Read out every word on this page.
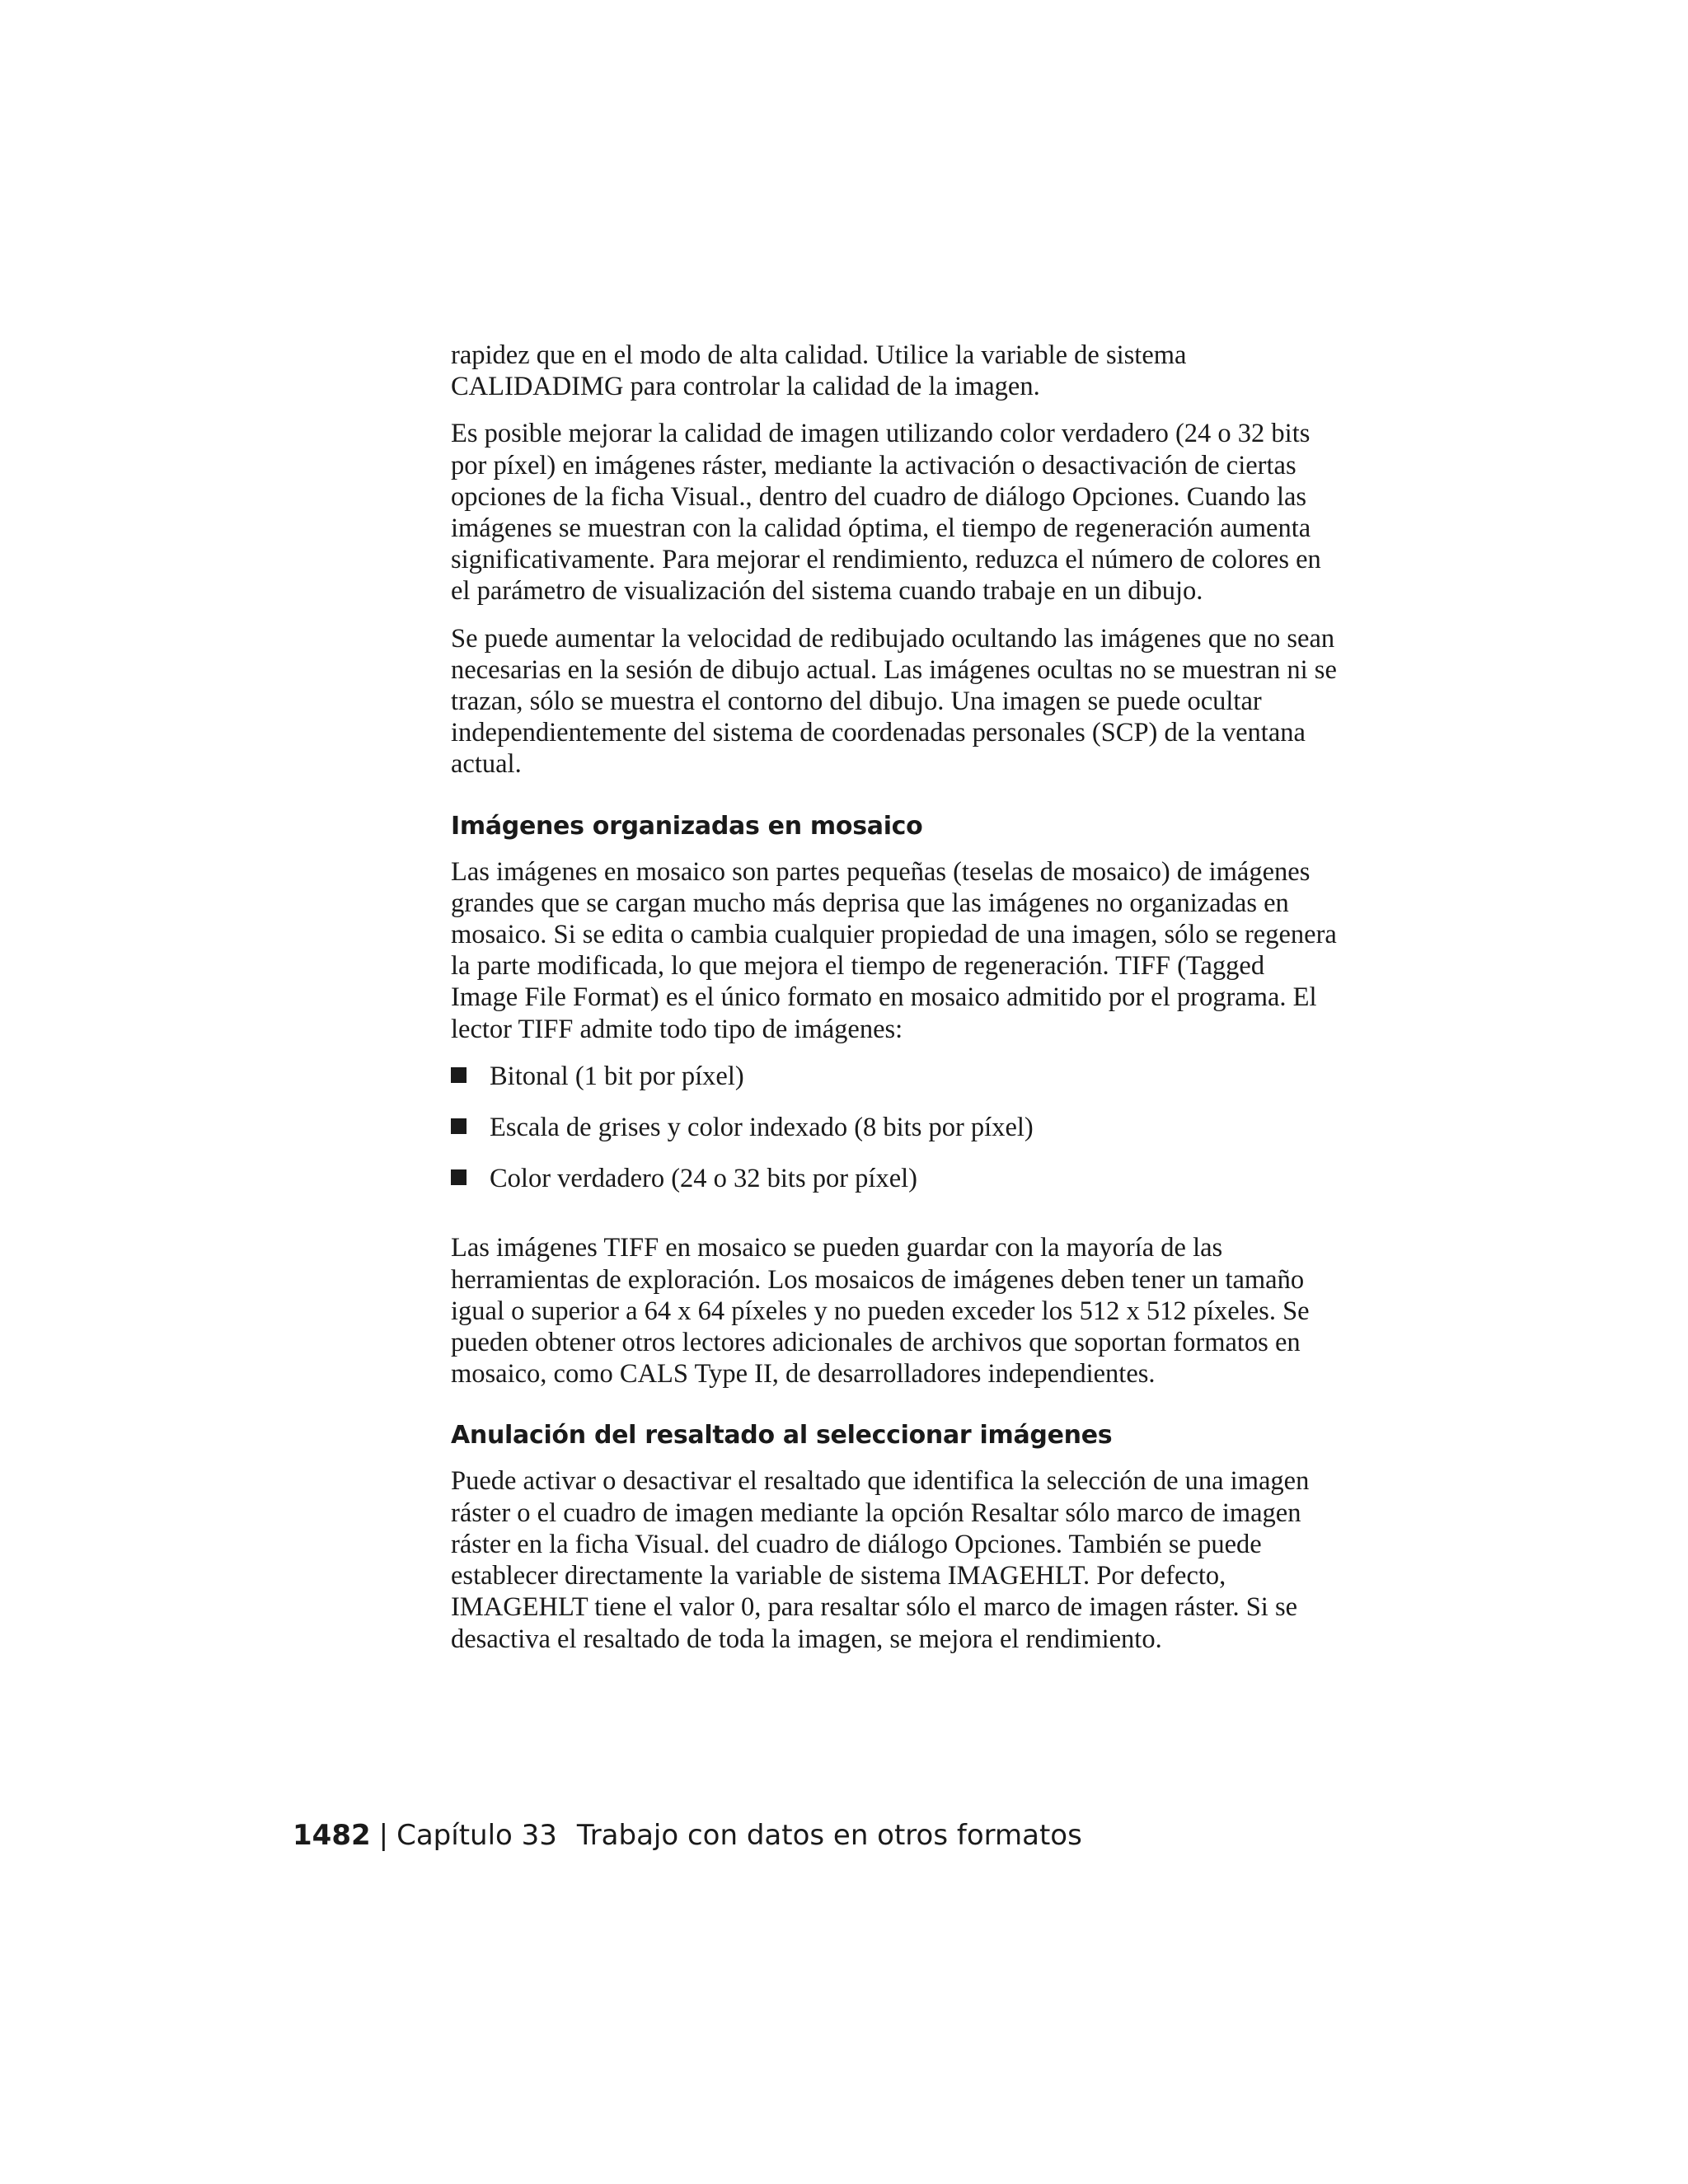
rapidez que en el modo de alta calidad. Utilice la variable de sistema CALIDADIMG para controlar la calidad de la imagen.

Es posible mejorar la calidad de imagen utilizando color verdadero (24 o 32 bits por píxel) en imágenes ráster, mediante la activación o desactivación de ciertas opciones de la ficha Visual., dentro del cuadro de diálogo Opciones. Cuando las imágenes se muestran con la calidad óptima, el tiempo de regeneración aumenta significativamente. Para mejorar el rendimiento, reduzca el número de colores en el parámetro de visualización del sistema cuando trabaje en un dibujo.

Se puede aumentar la velocidad de redibujado ocultando las imágenes que no sean necesarias en la sesión de dibujo actual. Las imágenes ocultas no se muestran ni se trazan, sólo se muestra el contorno del dibujo. Una imagen se puede ocultar independientemente del sistema de coordenadas personales (SCP) de la ventana actual.

Imágenes organizadas en mosaico

Las imágenes en mosaico son partes pequeñas (teselas de mosaico) de imágenes grandes que se cargan mucho más deprisa que las imágenes no organizadas en mosaico. Si se edita o cambia cualquier propiedad de una imagen, sólo se regenera la parte modificada, lo que mejora el tiempo de regeneración. TIFF (Tagged Image File Format) es el único formato en mosaico admitido por el programa. El lector TIFF admite todo tipo de imágenes:

Bitonal (1 bit por píxel)
Escala de grises y color indexado (8 bits por píxel)
Color verdadero (24 o 32 bits por píxel)

Las imágenes TIFF en mosaico se pueden guardar con la mayoría de las herramientas de exploración. Los mosaicos de imágenes deben tener un tamaño igual o superior a 64 x 64 píxeles y no pueden exceder los 512 x 512 píxeles. Se pueden obtener otros lectores adicionales de archivos que soportan formatos en mosaico, como CALS Type II, de desarrolladores independientes.

Anulación del resaltado al seleccionar imágenes

Puede activar o desactivar el resaltado que identifica la selección de una imagen ráster o el cuadro de imagen mediante la opción Resaltar sólo marco de imagen ráster en la ficha Visual. del cuadro de diálogo Opciones. También se puede establecer directamente la variable de sistema IMAGEHLT. Por defecto, IMAGEHLT tiene el valor 0, para resaltar sólo el marco de imagen ráster. Si se desactiva el resaltado de toda la imagen, se mejora el rendimiento.

1482 | Capítulo 33 Trabajo con datos en otros formatos
